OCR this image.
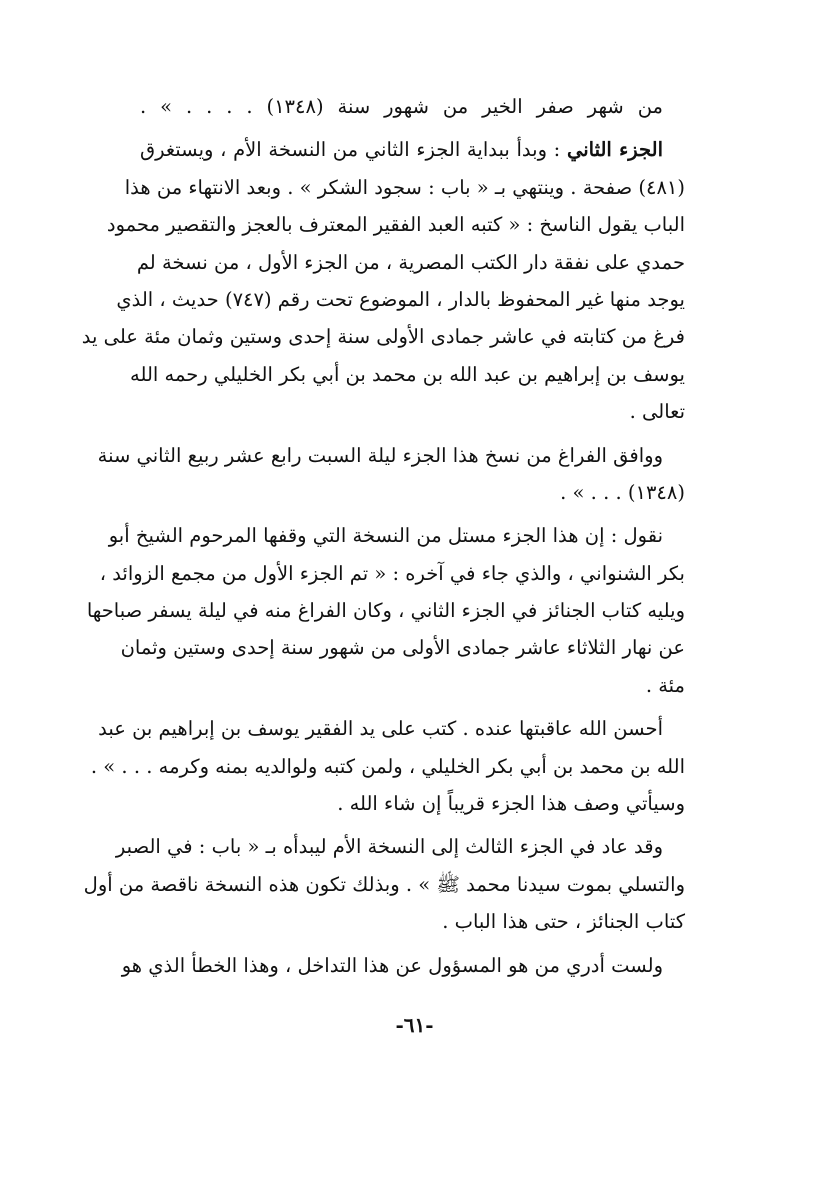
من شهر صفر الخير من شهور سنة (١٣٤٨) . . . . » .
الجزء الثاني : وبدأ ببداية الجزء الثاني من النسخة الأم ، ويستغرق
(٤٨١) صفحة . وينتهي بـ « باب : سجود الشكر » . وبعد الانتهاء من هذا
الباب يقول الناسخ : « كتبه العبد الفقير المعترف بالعجز والتقصير محمود
حمدي على نفقة دار الكتب المصرية ، من الجزء الأول ، من نسخة لم
يوجد منها غير المحفوظ بالدار ، الموضوع تحت رقم (٧٤٧) حديث ، الذي
فرغ من كتابته في عاشر جمادى الأولى سنة إحدى وستين وثمان مئة على يد
يوسف بن إبراهيم بن عبد الله بن محمد بن أبي بكر الخليلي رحمه الله
تعالى .
ووافق الفراغ من نسخ هذا الجزء ليلة السبت رابع عشر ربيع الثاني سنة
(١٣٤٨) . . . » .
نقول : إن هذا الجزء مستل من النسخة التي وقفها المرحوم الشيخ أبو
بكر الشنواني ، والذي جاء في آخره : « تم الجزء الأول من مجمع الزوائد ،
ويليه كتاب الجنائز في الجزء الثاني ، وكان الفراغ منه في ليلة يسفر صباحها
عن نهار الثلاثاء عاشر جمادى الأولى من شهور سنة إحدى وستين وثمان
مئة .
أحسن الله عاقبتها عنده . كتب على يد الفقير يوسف بن إبراهيم بن عبد
الله بن محمد بن أبي بكر الخليلي ، ولمن كتبه ولوالديه بمنه وكرمه . . . » .
وسيأتي وصف هذا الجزء قريباً إن شاء الله .
وقد عاد في الجزء الثالث إلى النسخة الأم ليبدأه بـ « باب : في الصبر
والتسلي بموت سيدنا محمد ﷺ » . وبذلك تكون هذه النسخة ناقصة من أول
كتاب الجنائز ، حتى هذا الباب .
ولست أدري من هو المسؤول عن هذا التداخل ، وهذا الخطأ الذي هو
-٦١-
